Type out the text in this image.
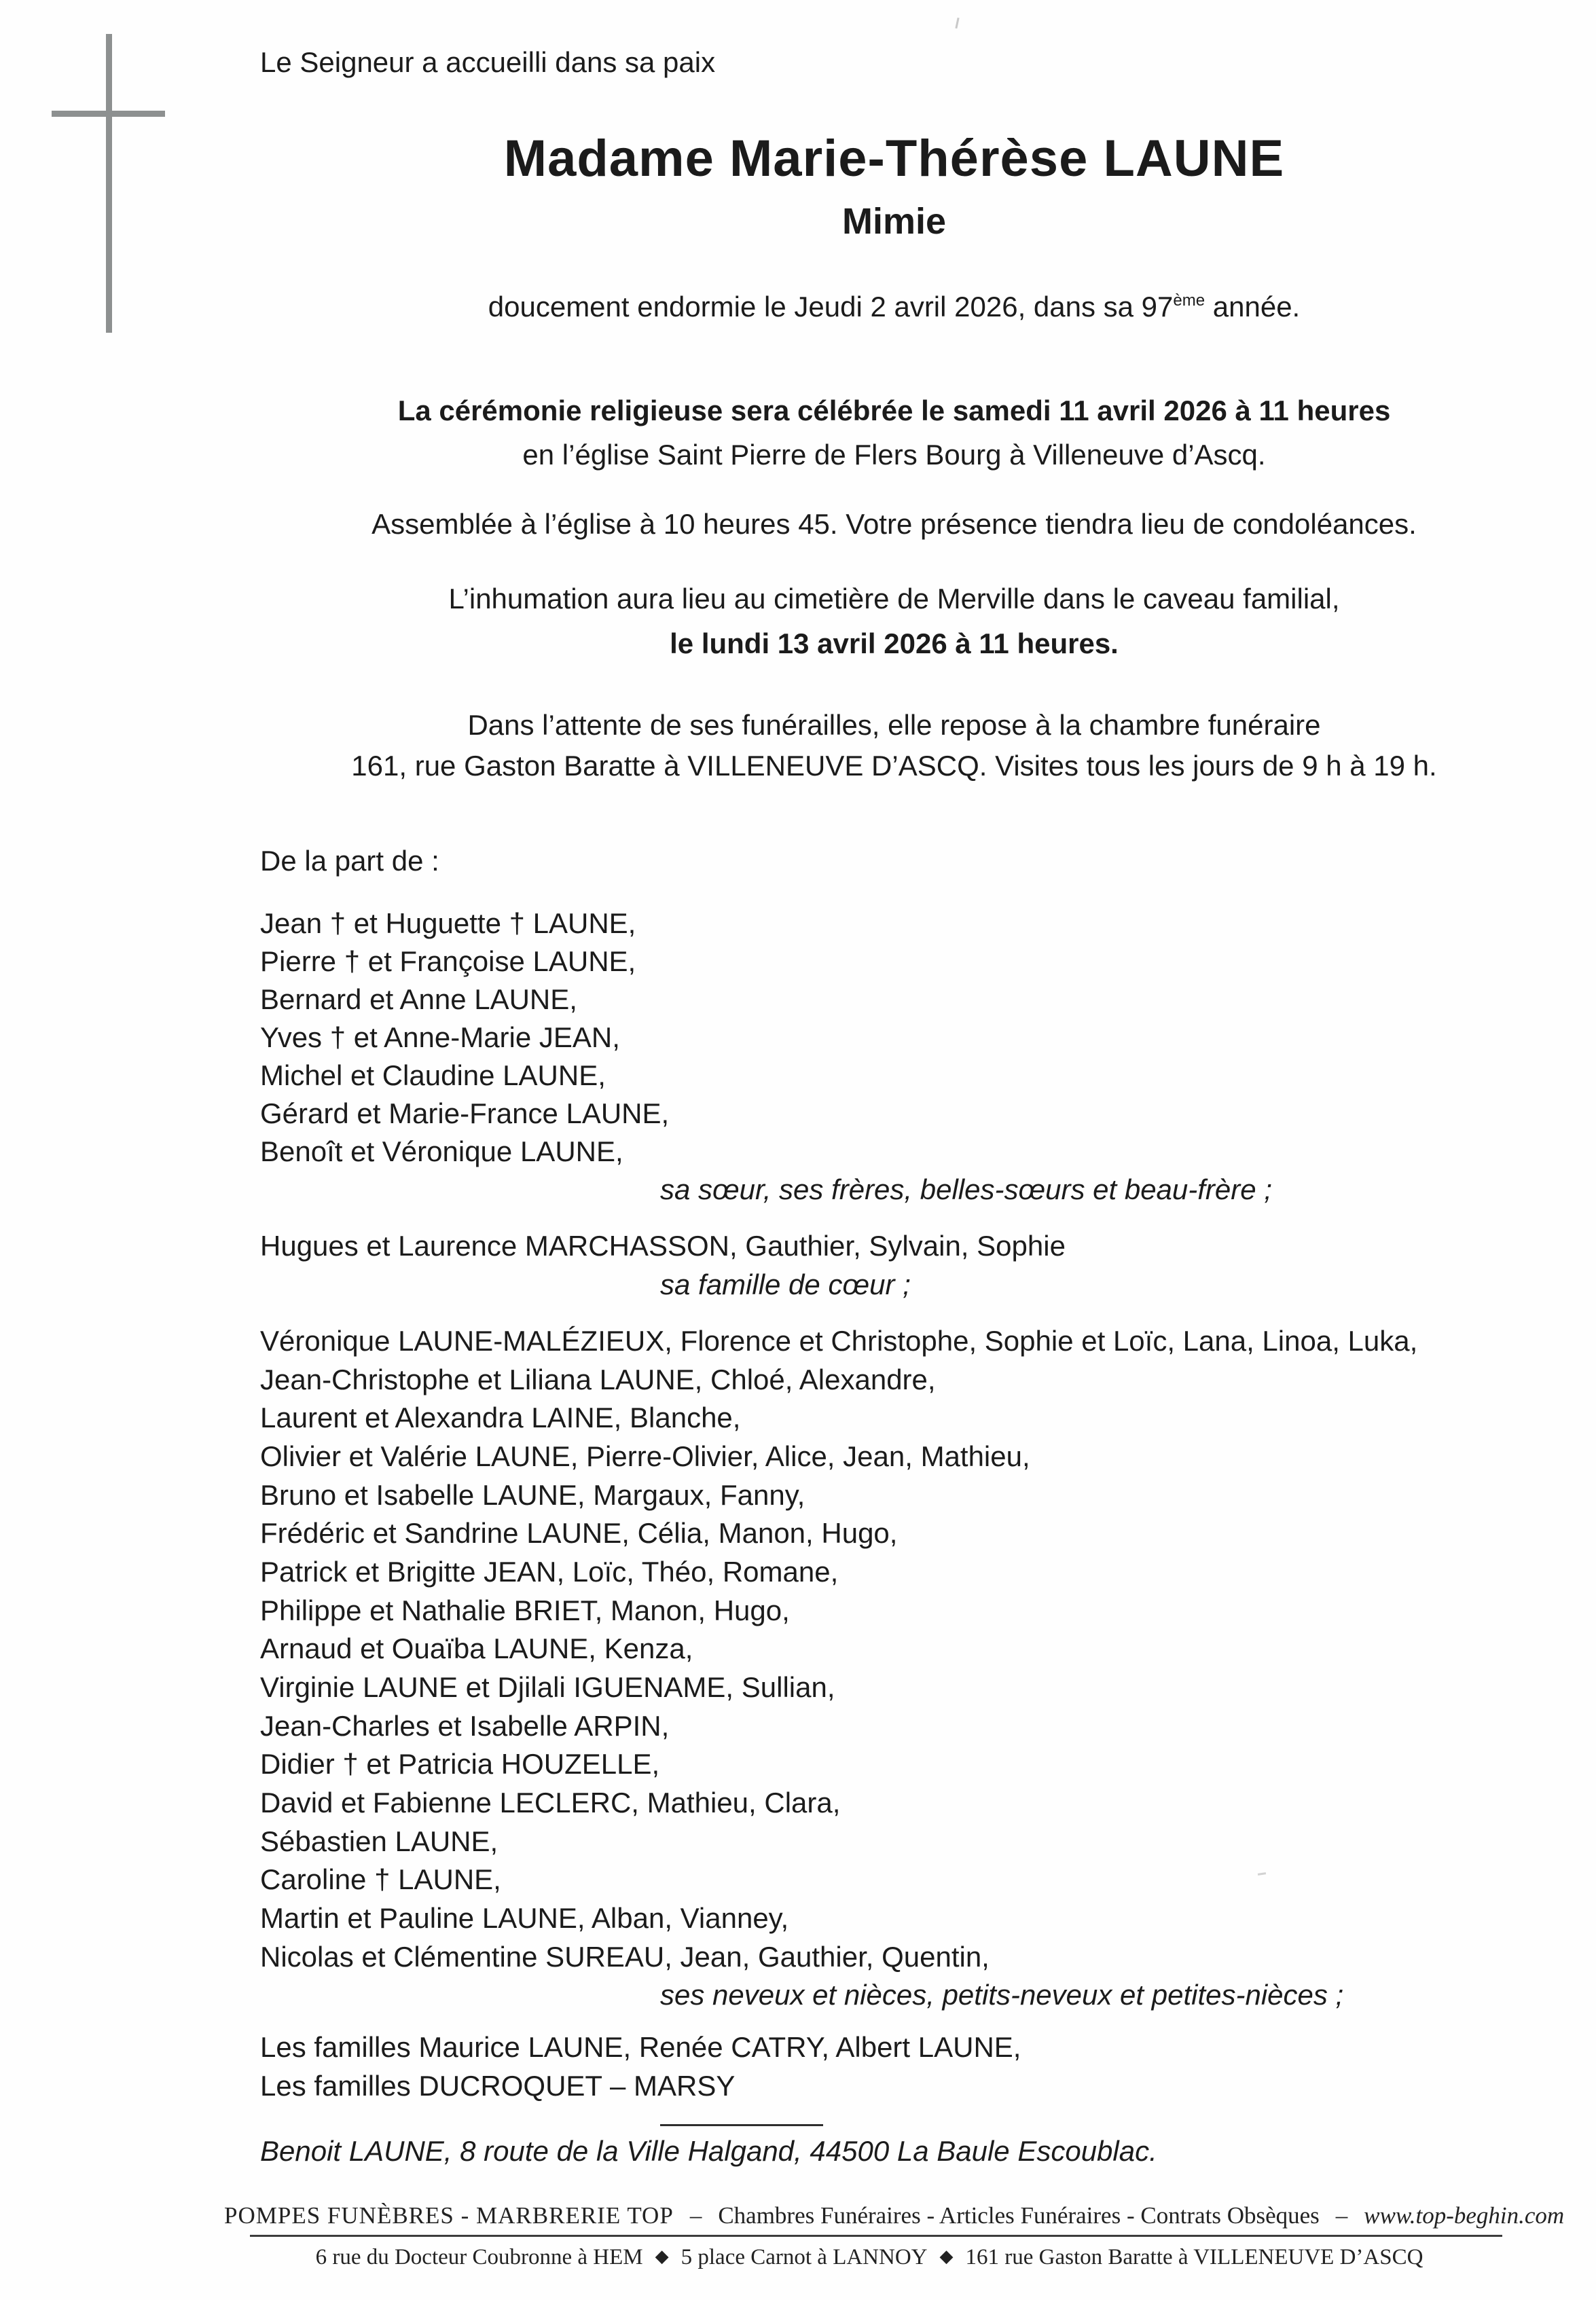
Le Seigneur a accueilli dans sa paix
Madame Marie-Thérèse LAUNE
Mimie
doucement endormie le Jeudi 2 avril 2026, dans sa 97ème année.
La cérémonie religieuse sera célébrée le samedi 11 avril 2026 à 11 heures
en l’église Saint Pierre de Flers Bourg à Villeneuve d’Ascq.
Assemblée à l’église à 10 heures 45. Votre présence tiendra lieu de condoléances.
L’inhumation aura lieu au cimetière de Merville dans le caveau familial,
le lundi 13 avril 2026 à 11 heures.
Dans l’attente de ses funérailles, elle repose à la chambre funéraire
161, rue Gaston Baratte à VILLENEUVE D’ASCQ. Visites tous les jours de 9 h à 19 h.
De la part de :
Jean † et Huguette † LAUNE,
Pierre † et Françoise LAUNE,
Bernard et Anne LAUNE,
Yves † et Anne-Marie JEAN,
Michel et Claudine LAUNE,
Gérard et Marie-France LAUNE,
Benoît et Véronique LAUNE,
sa sœur, ses frères, belles-sœurs et beau-frère ;
Hugues et Laurence MARCHASSON, Gauthier, Sylvain, Sophie
sa famille de cœur ;
Véronique LAUNE-MALÉZIEUX, Florence et Christophe, Sophie et Loïc, Lana, Linoa, Luka,
Jean-Christophe et Liliana LAUNE, Chloé, Alexandre,
Laurent et Alexandra LAINE, Blanche,
Olivier et Valérie LAUNE, Pierre-Olivier, Alice, Jean, Mathieu,
Bruno et Isabelle LAUNE, Margaux, Fanny,
Frédéric et Sandrine LAUNE, Célia, Manon, Hugo,
Patrick et Brigitte JEAN, Loïc, Théo, Romane,
Philippe et Nathalie BRIET, Manon, Hugo,
Arnaud et Ouaïba LAUNE, Kenza,
Virginie LAUNE et Djilali IGUENAME, Sullian,
Jean-Charles et Isabelle ARPIN,
Didier † et Patricia HOUZELLE,
David et Fabienne LECLERC, Mathieu, Clara,
Sébastien LAUNE,
Caroline † LAUNE,
Martin et Pauline LAUNE, Alban, Vianney,
Nicolas et Clémentine SUREAU, Jean, Gauthier, Quentin,
ses neveux et nièces, petits-neveux et petites-nièces ;
Les familles Maurice LAUNE, Renée CATRY, Albert LAUNE,
Les familles DUCROQUET – MARSY
Benoit LAUNE, 8 route de la Ville Halgand, 44500 La Baule Escoublac.
POMPES FUNÈBRES - MARBRERIE TOP – Chambres Funéraires - Articles Funéraires - Contrats Obsèques – www.top-beghin.com
6 rue du Docteur Coubronne à HEM ◆ 5 place Carnot à LANNOY ◆ 161 rue Gaston Baratte à VILLENEUVE D’ASCQ
